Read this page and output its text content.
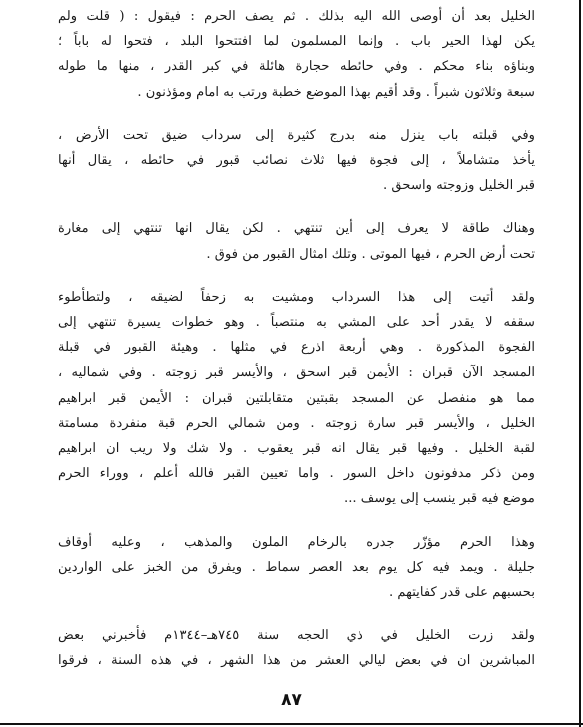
الخليل بعد أن أوصى الله اليه بذلك . ثم يصف الحرم : فيقول : ( قلت ولم
يكن لهذا الحير باب . وإنما المسلمون لما افتتحوا البلد ، فتحوا له باباً ؛
وبناؤه بناء محكم . وفي حائطه حجارة هائلة في كبر القدر ، منها ما طوله
سبعة وثلاثون شبراً . وقد أقيم بهذا الموضع خطبة ورتب به امام ومؤذنون .

وفي قبلته باب ينزل منه بدرج كثيرة إلى سرداب ضيق تحت الأرض ،
يأخذ متشاملاً ، إلى فجوة فيها ثلاث نصائب قبور في حائطه ، يقال أنها
قبر الخليل وزوجته واسحق .

وهناك طاقة لا يعرف إلى أين تنتهي . لكن يقال انها تنتهي إلى مغارة
تحت أرض الحرم ، فيها الموتى . وتلك امثال القبور من فوق .

ولقد أتيت إلى هذا السرداب ومشيت به زحفاً لضيقه ، ولتطأطوء
سقفه لا يقدر أحد على المشي به منتصباً . وهو خطوات يسيرة تنتهي إلى
الفجوة المذكورة . وهي أربعة اذرع في مثلها . وهيئة القبور في قبلة
المسجد الآن قبران : الأيمن قبر اسحق ، والأيسر قبر زوجته . وفي شماليه ،
مما هو منفصل عن المسجد بقبتين متقابلتين قبران : الأيمن قبر ابراهيم
الخليل ، والأيسر قبر سارة زوجته . ومن شمالي الحرم قبة منفردة مسامتة
لقبة الخليل . وفيها قبر يقال انه قبر يعقوب . ولا شك ولا ريب ان ابراهيم
ومن ذكر مدفونون داخل السور . واما تعيين القبر فالله أعلم ، ووراء الحرم
موضع فيه قبر ينسب إلى يوسف ...

وهذا الحرم مؤزّر جدره بالرخام الملون والمذهب ، وعليه أوقاف
جليلة . ويمد فيه كل يوم بعد العصر سماط . ويفرق من الخبز على الواردين
بحسبهم على قدر كفايتهم .

ولقد زرت الخليل في ذي الحجه سنة ٧٤٥هـ–١٣٤٤م فأخبرني بعض
المباشرين ان في بعض ليالي العشر من هذا الشهر ، في هذه السنة ، فرقوا

٨٧
